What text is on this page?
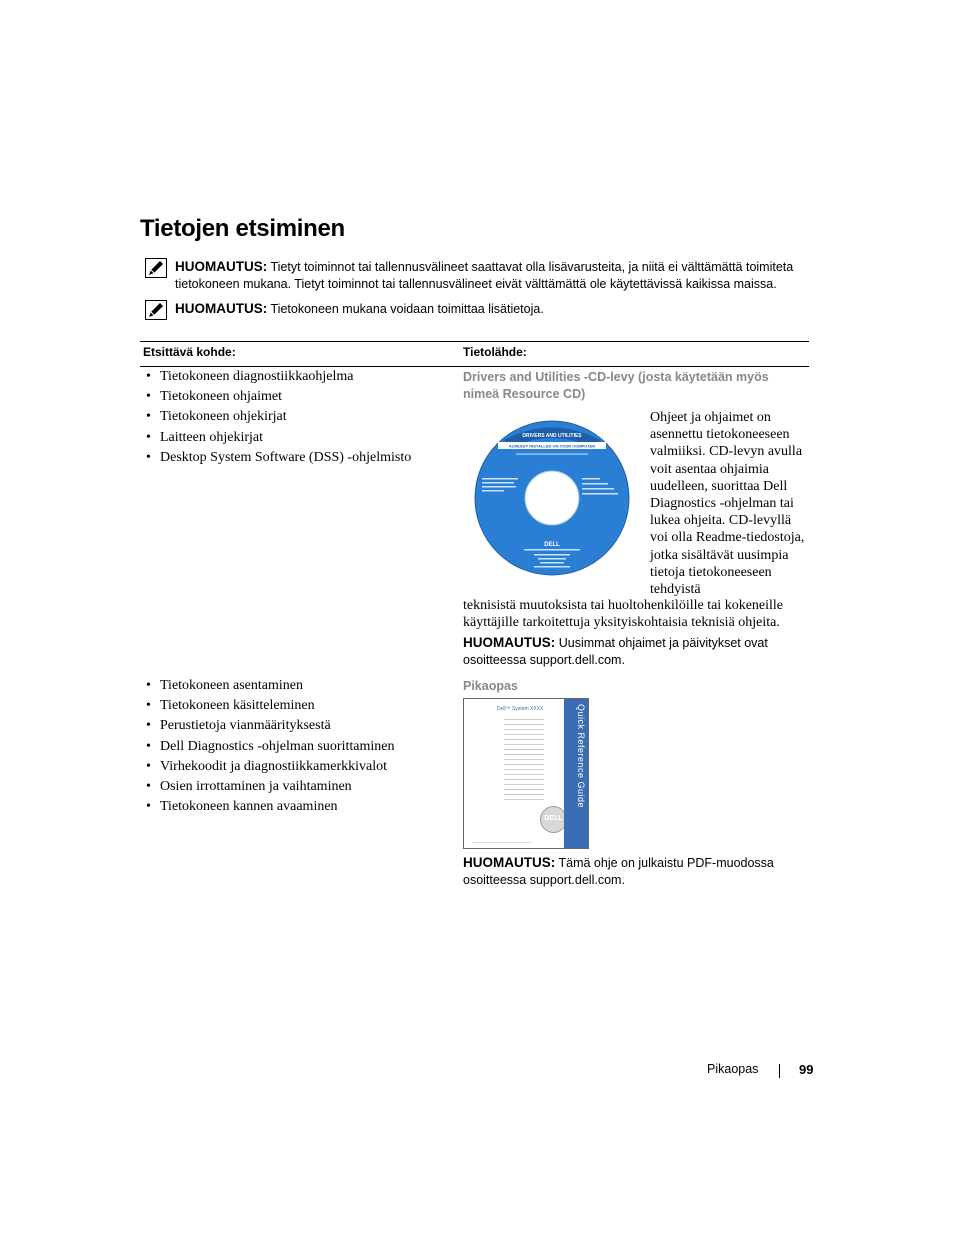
Tietojen etsiminen
HUOMAUTUS: Tietyt toiminnot tai tallennusvälineet saattavat olla lisävarusteita, ja niitä ei välttämättä toimiteta tietokoneen mukana. Tietyt toiminnot tai tallennusvälineet eivät välttämättä ole käytettävissä kaikissa maissa.
HUOMAUTUS: Tietokoneen mukana voidaan toimittaa lisätietoja.
Etsittävä kohde:	Tietolähde:
• Tietokoneen diagnostiikkaohjelma
• Tietokoneen ohjaimet
• Tietokoneen ohjekirjat
• Laitteen ohjekirjat
• Desktop System Software (DSS) -ohjelmisto
Drivers and Utilities -CD-levy (josta käytetään myös nimeä Resource CD)
DRIVERS AND UTILITIES
ALREADY INSTALLED ON YOUR COMPUTER
DELL
Ohjeet ja ohjaimet on asennettu tietokoneeseen valmiiksi. CD-levyn avulla voit asentaa ohjaimia uudelleen, suorittaa Dell Diagnostics -ohjelman tai lukea ohjeita. CD-levyllä voi olla Readme-tiedostoja, jotka sisältävät uusimpia tietoja tietokoneeseen tehdyistä
teknisistä muutoksista tai huoltohenkilöille tai kokeneille käyttäjille tarkoitettuja yksityiskohtaisia teknisiä ohjeita.
HUOMAUTUS: Uusimmat ohjaimet ja päivitykset ovat osoitteessa support.dell.com.
• Tietokoneen asentaminen
• Tietokoneen käsitteleminen
• Perustietoja vianmäärityksestä
• Dell Diagnostics -ohjelman suorittaminen
• Virhekoodit ja diagnostiikkamerkkivalot
• Osien irrottaminen ja vaihtaminen
• Tietokoneen kannen avaaminen
Pikaopas
Dell™ System XXXX
DELL
Quick Reference Guide
HUOMAUTUS: Tämä ohje on julkaistu PDF-muodossa osoitteessa support.dell.com.
Pikaopas	99
